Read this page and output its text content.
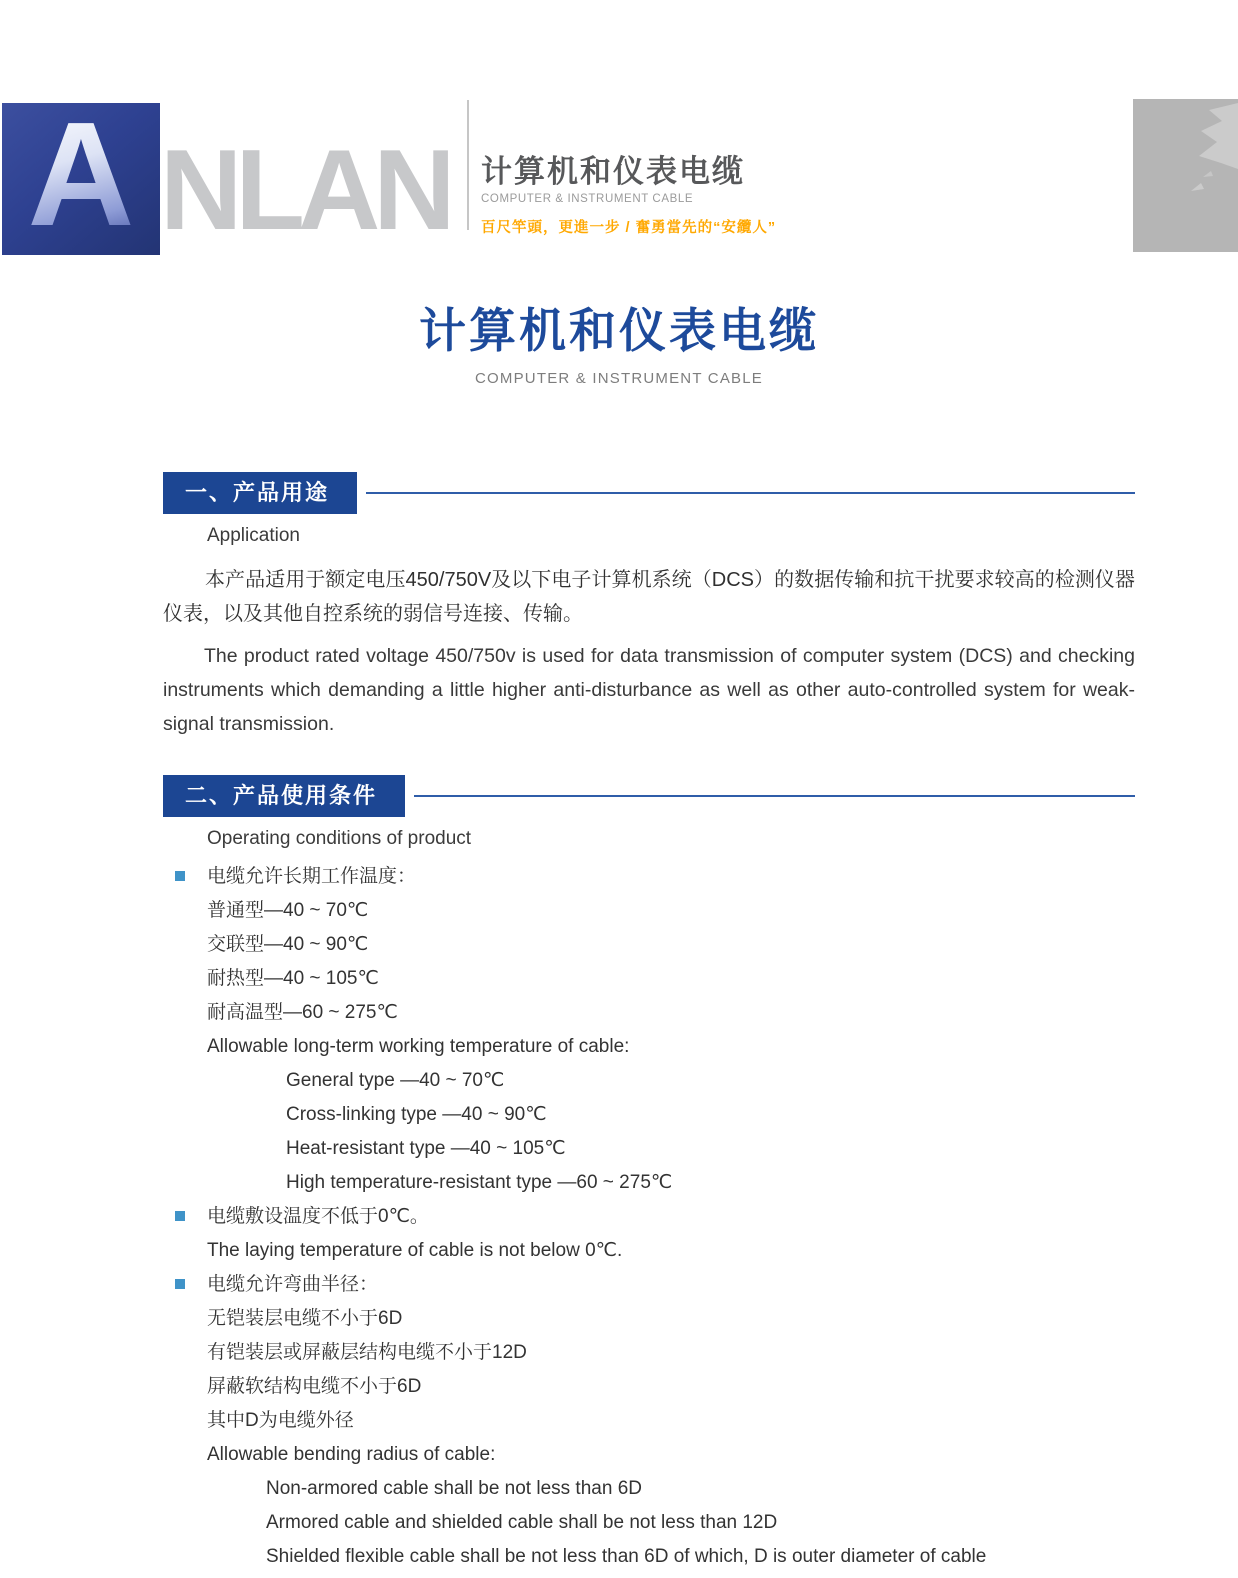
A NLAN 计算机和仪表电缆
COMPUTER & INSTRUMENT CABLE
百尺竿頭，更進一步 / 奮勇當先的“安纜人”
计算机和仪表电缆
COMPUTER & INSTRUMENT CABLE
一、产品用途
Application
本产品适用于额定电压450/750V及以下电子计算机系统（DCS）的数据传输和抗干扰要求较高的检测仪器仪表，以及其他自控系统的弱信号连接、传输。
The product rated voltage 450/750v is used for data transmission of computer system (DCS) and checking instruments which demanding a little higher anti-disturbance as well as other auto-controlled system for weak-signal transmission.
二、产品使用条件
Operating conditions of product
电缆允许长期工作温度：
普通型—40 ~ 70℃
交联型—40 ~ 90℃
耐热型—40 ~ 105℃
耐高温型—60 ~ 275℃
Allowable long-term working temperature of cable:
General type —40 ~ 70℃
Cross-linking type —40 ~ 90℃
Heat-resistant type —40 ~ 105℃
High temperature-resistant type —60 ~ 275℃
电缆敷设温度不低于0℃。
The laying temperature of cable is not below 0℃.
电缆允许弯曲半径：
无铠装层电缆不小于6D
有铠装层或屏蔽层结构电缆不小于12D
屏蔽软结构电缆不小于6D
其中D为电缆外径
Allowable bending radius of cable:
Non-armored cable shall be not less than 6D
Armored cable and shielded cable shall be not less than 12D
Shielded flexible cable shall be not less than 6D of which, D is outer diameter of cable
